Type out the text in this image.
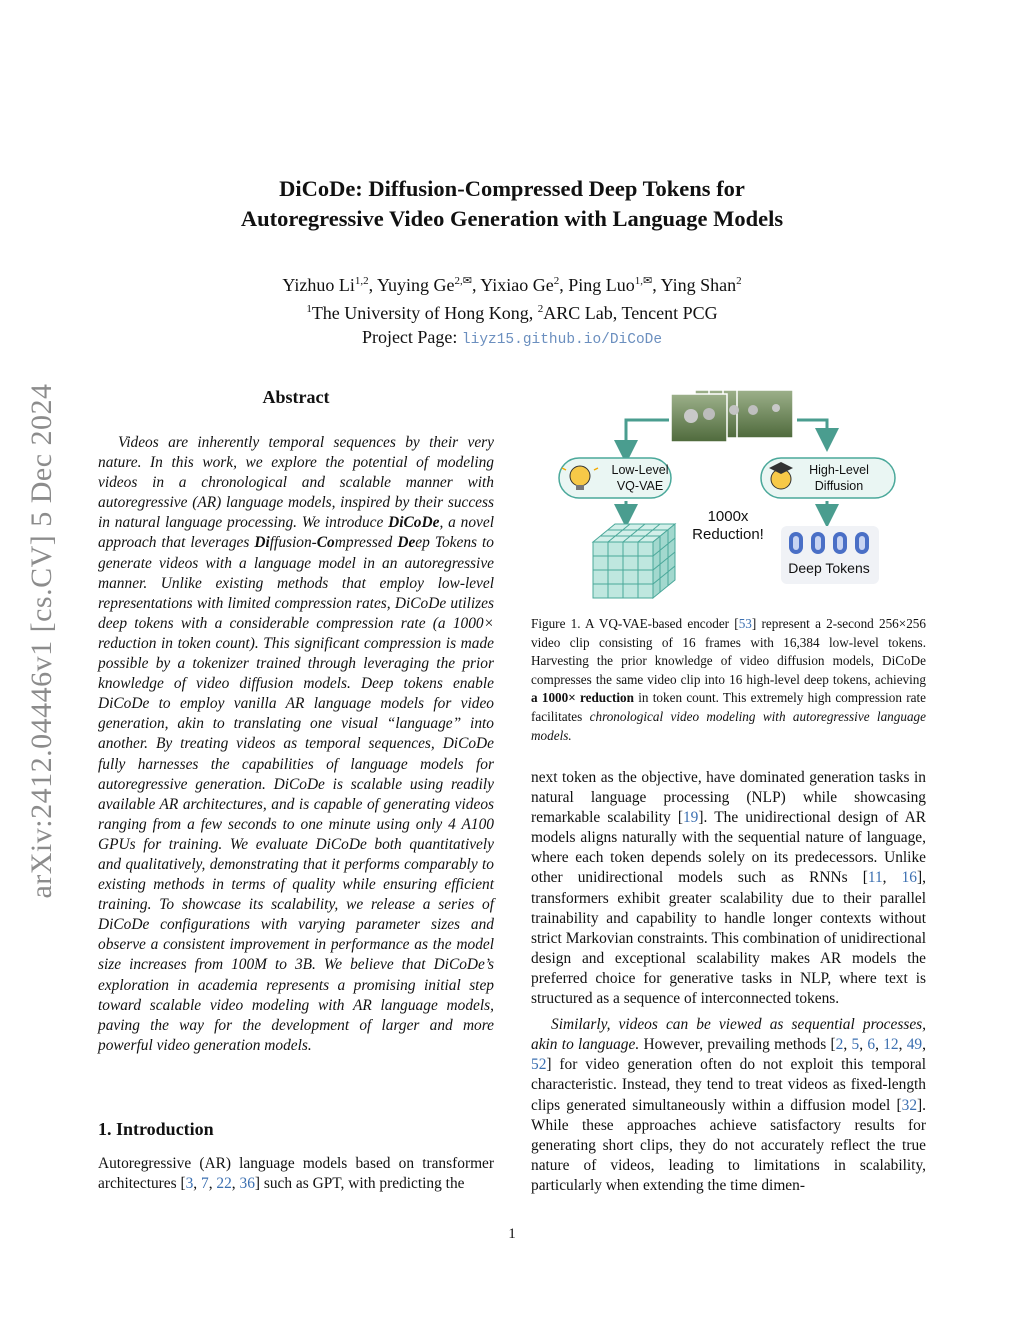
arXiv:2412.04446v1 [cs.CV] 5 Dec 2024
DiCoDe: Diffusion-Compressed Deep Tokens for
Autoregressive Video Generation with Language Models
Yizhuo Li$^{1,2}$, Yuying $Ge^{2,✉}$, Yixiao Ge$^2$, Ping Luo$^{1,✉}$, Ying Shan$^2$
$^1$The University of Hong Kong, $^2$ARC Lab, Tencent PCG
Project Page: liyz15.github.io/DiCoDe
Abstract
Videos are inherently temporal sequences by their very nature. In this work, we explore the potential of modeling videos in a chronological and scalable manner with autoregressive (AR) language models, inspired by their success in natural language processing. We introduce DiCoDe, a novel approach that leverages Diffusion-Compressed Deep Tokens to generate videos with a language model in an autoregressive manner. Unlike existing methods that employ low-level representations with limited compression rates, DiCoDe utilizes deep tokens with a considerable compression rate (a 1000× reduction in token count). This significant compression is made possible by a tokenizer trained through leveraging the prior knowledge of video diffusion models. Deep tokens enable DiCoDe to employ vanilla AR language models for video generation, akin to translating one visual “language” into another. By treating videos as temporal sequences, DiCoDe fully harnesses the capabilities of language models for autoregressive generation. DiCoDe is scalable using readily available AR architectures, and is capable of generating videos ranging from a few seconds to one minute using only 4 A100 GPUs for training. We evaluate DiCoDe both quantitatively and qualitatively, demonstrating that it performs comparably to existing methods in terms of quality while ensuring efficient training. To showcase its scalability, we release a series of DiCoDe configurations with varying parameter sizes and observe a consistent improvement in performance as the model size increases from 100M to 3B. We believe that DiCoDe’s exploration in academia represents a promising initial step toward scalable video modeling with AR language models, paving the way for the development of larger and more powerful video generation models.
1. Introduction
Autoregressive (AR) language models based on transformer architectures [3, 7, 22, 36] such as GPT, with predicting the
Low-Level
VQ-VAE
High-Level
Diffusion
1000x
Reduction!
Deep Tokens
Figure 1. A VQ-VAE-based encoder [53] represent a 2-second 256×256 video clip consisting of 16 frames with 16,384 low-level tokens. Harvesting the prior knowledge of video diffusion models, DiCoDe compresses the same video clip into 16 high-level deep tokens, achieving a 1000× reduction in token count. This extremely high compression rate facilitates chronological video modeling with autoregressive language models.

next token as the objective, have dominated generation tasks in natural language processing (NLP) while showcasing remarkable scalability [19]. The unidirectional design of AR models aligns naturally with the sequential nature of language, where each token depends solely on its predecessors. Unlike other unidirectional models such as RNNs [11, 16], transformers exhibit greater scalability due to their parallel trainability and capability to handle longer contexts without strict Markovian constraints. This combination of unidirectional design and exceptional scalability makes AR models the preferred choice for generative tasks in NLP, where text is structured as a sequence of interconnected tokens.

Similarly, videos can be viewed as sequential processes, akin to language. However, prevailing methods [2, 5, 6, 12, 49, 52] for video generation often do not exploit this temporal characteristic. Instead, they tend to treat videos as fixed-length clips generated simultaneously within a diffusion model [32]. While these approaches achieve satisfactory results for generating short clips, they do not accurately reflect the true nature of videos, leading to limitations in scalability, particularly when extending the time dimen-

1
